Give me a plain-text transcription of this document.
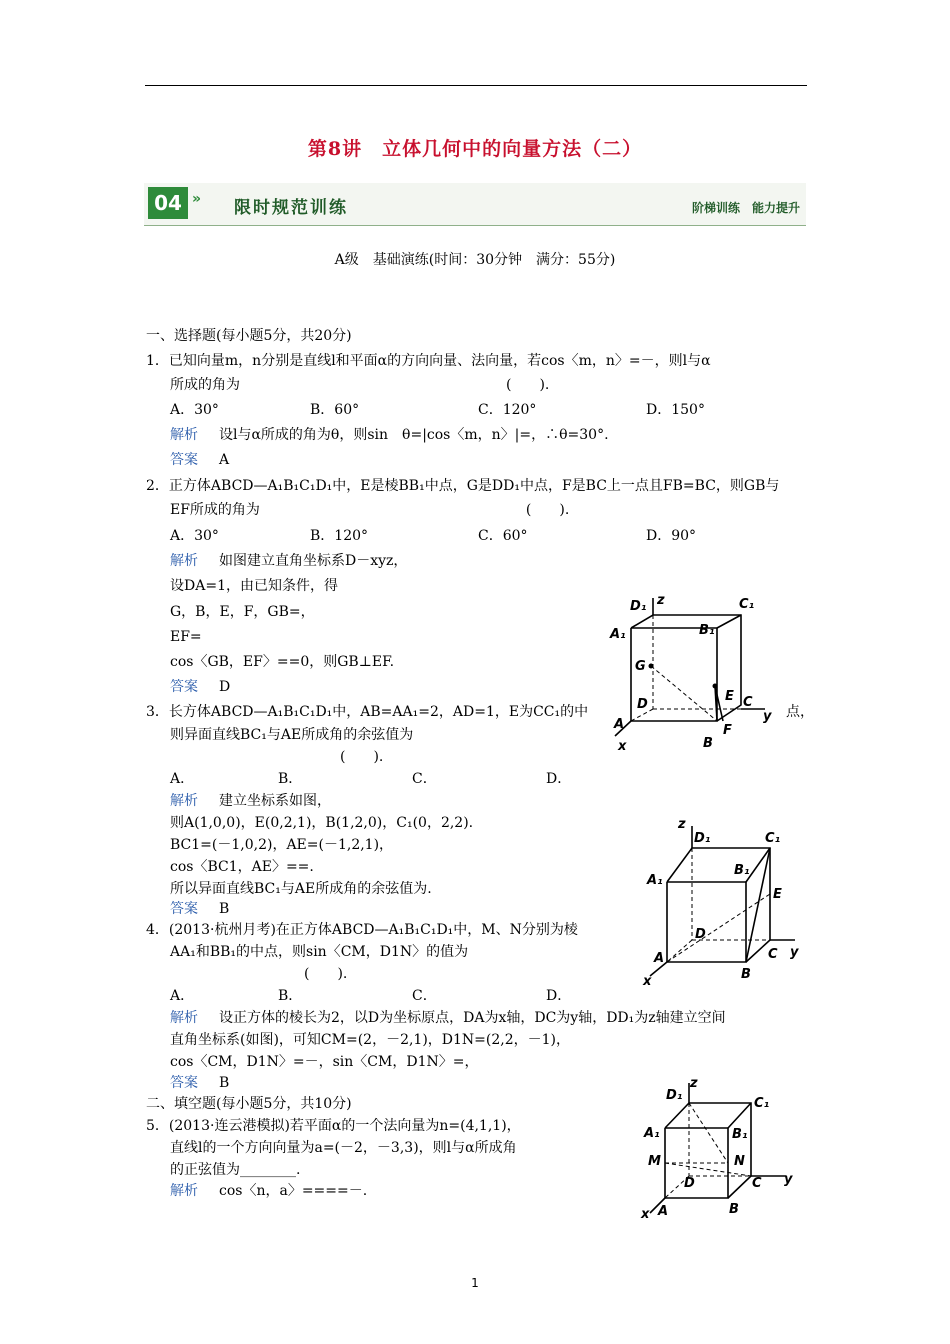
第8讲　立体几何中的向量方法（二）
04 » 限时规范训练	阶梯训练　能力提升
A级　基础演练(时间：30分钟　满分：55分)
一、选择题(每小题5分，共20分)
1．已知向量m，n分别是直线l和平面α的方向向量、法向量，若cos〈m，n〉=－，则l与α
所成的角为　　　　　　　　　　　　　　　　　　　(　　).
A．30°	B．60°	C．120°	D．150°
解析 设l与α所成的角为θ，则sin　θ=|cos〈m，n〉|=，∴θ=30°.
答案 A
2．正方体ABCD—A₁B₁C₁D₁中，E是棱BB₁中点，G是DD₁中点，F是BC上一点且FB=BC，则GB与
EF所成的角为　　　　　　　　　　　　　　　　　　　(　　).
A．30°	B．120°	C．60°	D．90°
解析 如图建立直角坐标系D－xyz，
设DA=1，由已知条件，得
G，B，E，F，GB=，
EF=
cos〈GB，EF〉==0，则GB⊥EF.
答案 D
3．长方体ABCD—A₁B₁C₁D₁中，AB=AA₁=2，AD=1，E为CC₁的中	点，
则异面直线BC₁与AE所成角的余弦值为
(　　).
A．	B．	C．	D．
解析 建立坐标系如图，
则A(1,0,0)，E(0,2,1)，B(1,2,0)，C₁(0，2,2).
BC1=(－1,0,2)，AE=(－1,2,1)，
cos〈BC1，AE〉==.
所以异面直线BC₁与AE所成角的余弦值为.
答案 B
4．(2013·杭州月考)在正方体ABCD—A₁B₁C₁D₁中，M、N分别为棱
AA₁和BB₁的中点，则sin〈CM，D1N〉的值为
(　　).
A．	B．	C．	D．
解析 设正方体的棱长为2，以D为坐标原点，DA为x轴，DC为y轴，DD₁为z轴建立空间
直角坐标系(如图)，可知CM=(2，－2,1)，D1N=(2,2，－1)，
cos〈CM，D1N〉=－，sin〈CM，D1N〉=，
答案 B
二、填空题(每小题5分，共10分)
5．(2013·连云港模拟)若平面α的一个法向量为n=(4,1,1)，
直线l的一个方向向量为a=(－2，－3,3)，则l与α所成角
的正弦值为________.
解析 cos〈n，a〉====－.
1
D₁ z	C₁
A₁	B₁
G
E
D	C
y
A	F
B
x
z
D₁	C₁
A₁
B₁
E
D
C y
A
B
x
z
D₁
C₁
A₁	B₁
M	N
D	C y
x A	B
